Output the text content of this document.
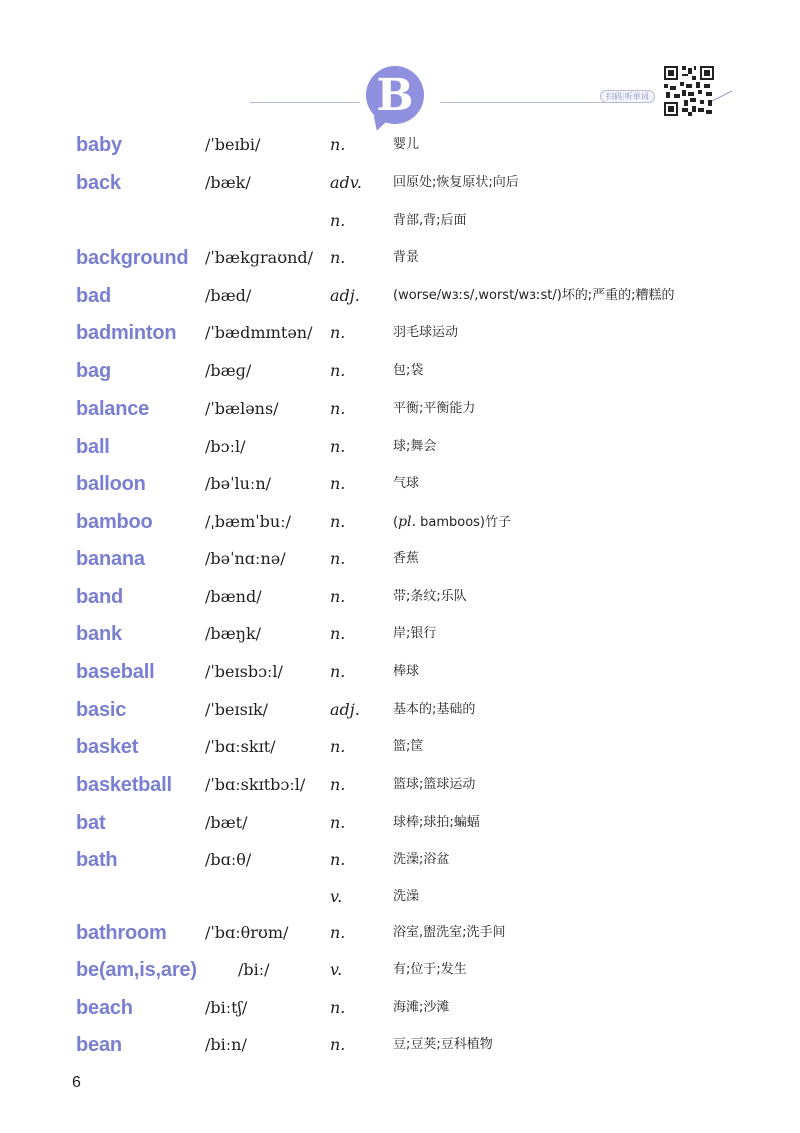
B	扫码|听单词
baby	/ˈbeɪbi/	n.	婴儿
back	/bæk/	adv. 回原处;恢复原状;向后
n.	背部,背;后面
background /ˈbækɡraʊnd/ n.	背景
bad	/bæd/	adj.	(worse/wɜːs/,worst/wɜːst/)坏的;严重的;糟糕的
badminton /ˈbædmɪntən/ n.	羽毛球运动
bag	/bæɡ/	n.	包;袋
balance	/ˈbæləns/	n.	平衡;平衡能力
ball	/bɔːl/	n.	球;舞会
balloon	/bəˈluːn/	n.	气球
bamboo	/ˌbæmˈbuː/ n.	(pl. bamboos)竹子
banana	/bəˈnɑːnə/	n.	香蕉
band	/bænd/	n.	带;条纹;乐队
bank	/bæŋk/	n.	岸;银行
baseball	/ˈbeɪsbɔːl/	n.	棒球
basic	/ˈbeɪsɪk/	adj.	基本的;基础的
basket	/ˈbɑːskɪt/	n.	篮;筐
basketball /ˈbɑːskɪtbɔːl/ n.	篮球;篮球运动
bat	/bæt/	n.	球棒;球拍;蝙蝠
bath	/bɑːθ/	n.	洗澡;浴盆
v.	洗澡
bathroom /ˈbɑːθrʊm/	n.	浴室,盥洗室;洗手间
be(am,is,are)	/biː/	v.	有;位于;发生
beach	/biːtʃ/	n.	海滩;沙滩
bean	/biːn/	n.	豆;豆荚;豆科植物
6
